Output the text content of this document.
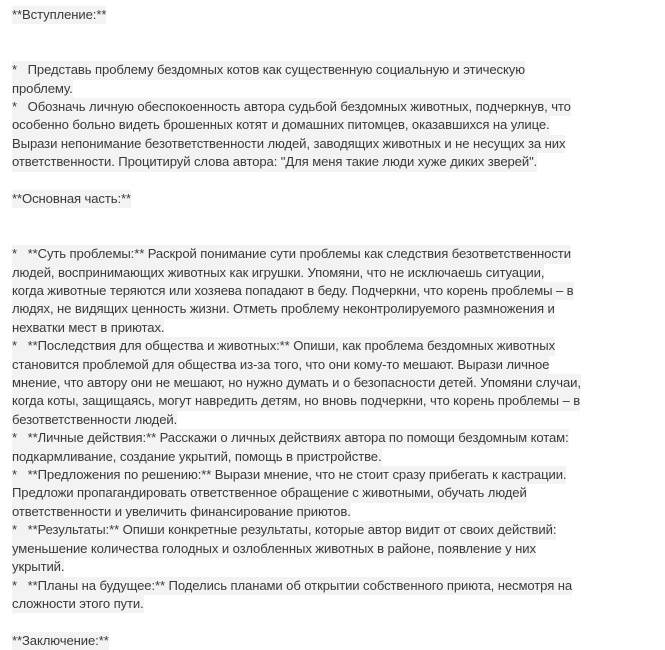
**Вступление:**
*   Представь проблему бездомных котов как существенную социальную и этическую
проблему.
*   Обозначь личную обеспокоенность автора судьбой бездомных животных, подчеркнув, что
особенно больно видеть брошенных котят и домашних питомцев, оказавшихся на улице.
Вырази непонимание безответственности людей, заводящих животных и не несущих за них
ответственности. Процитируй слова автора: "Для меня такие люди хуже диких зверей".
**Основная часть:**
*   **Суть проблемы:** Раскрой понимание сути проблемы как следствия безответственности
людей, воспринимающих животных как игрушки. Упомяни, что не исключаешь ситуации,
когда животные теряются или хозяева попадают в беду. Подчеркни, что корень проблемы – в
людях, не видящих ценность жизни. Отметь проблему неконтролируемого размножения и
нехватки мест в приютах.
*   **Последствия для общества и животных:** Опиши, как проблема бездомных животных
становится проблемой для общества из-за того, что они кому-то мешают. Вырази личное
мнение, что автору они не мешают, но нужно думать и о безопасности детей. Упомяни случаи,
когда коты, защищаясь, могут навредить детям, но вновь подчеркни, что корень проблемы – в
безответственности людей.
*   **Личные действия:** Расскажи о личных действиях автора по помощи бездомным котам:
подкармливание, создание укрытий, помощь в пристройстве.
*   **Предложения по решению:** Вырази мнение, что не стоит сразу прибегать к кастрации.
Предложи пропагандировать ответственное обращение с животными, обучать людей
ответственности и увеличить финансирование приютов.
*   **Результаты:** Опиши конкретные результаты, которые автор видит от своих действий:
уменьшение количества голодных и озлобленных животных в районе, появление у них
укрытий.
*   **Планы на будущее:** Поделись планами об открытии собственного приюта, несмотря на
сложности этого пути.
**Заключение:**
